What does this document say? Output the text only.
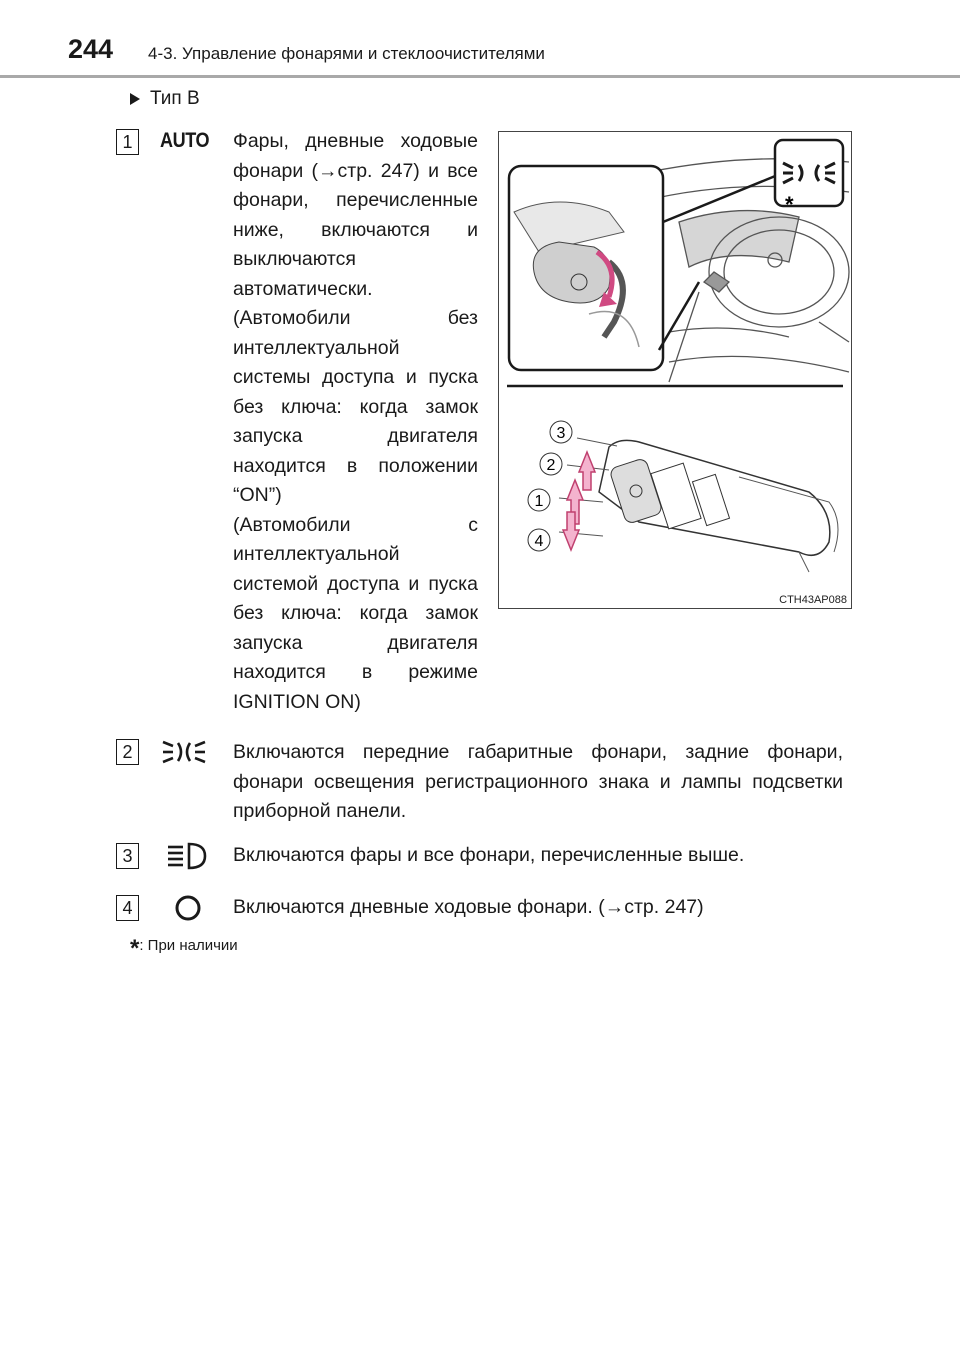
244 4-3. Управление фонарями и стеклоочистителями
Тип B
1	AUTO Фары, дневные ходовые фонари (→стр. 247) и все фонари, перечисленные ниже, включаются и выключаются автоматически.

(Автомобили без интеллектуальной системы доступа и пуска без ключа: когда замок запуска двигателя находится в положении “ON”)

(Автомобили с интеллектуальной системой доступа и пуска без ключа: когда замок запуска двигателя находится в режиме IGNITION ON)

*
3
2
1
4
CTH43AP088
2	Включаются передние габаритные фонари, задние фонари, фонари освещения регистрационного знака и лампы подсветки приборной панели.
3	Включаются фары и все фонари, перечисленные выше.
4	Включаются дневные ходовые фонари. (→стр. 247)
*: При наличии
